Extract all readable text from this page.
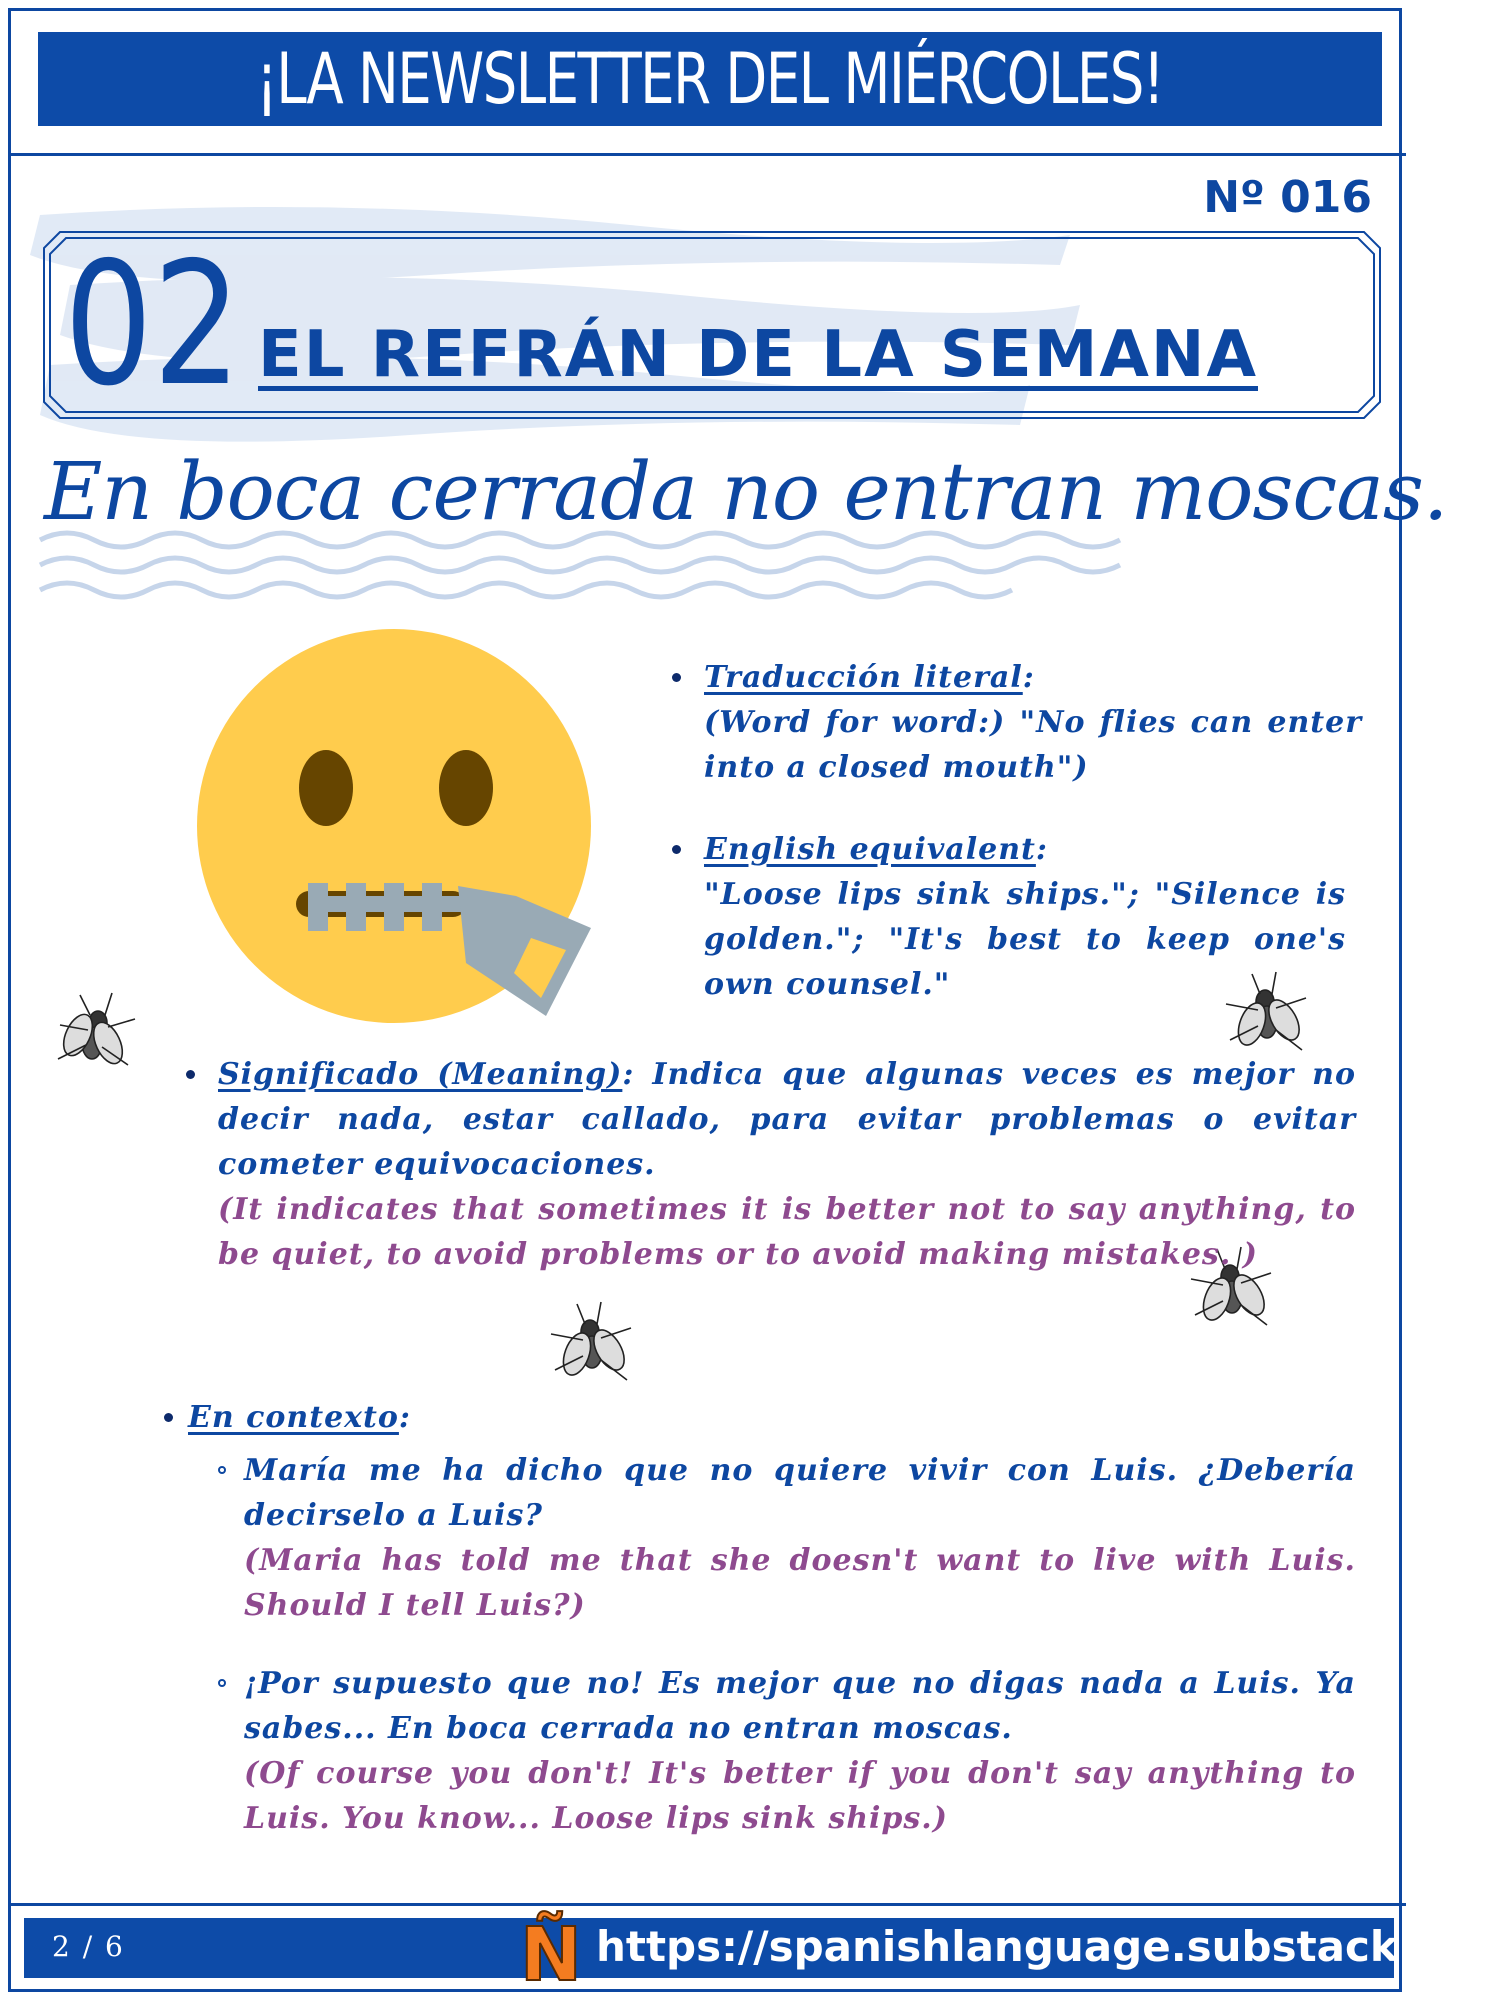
¡LA NEWSLETTER DEL MIÉRCOLES!
Nº 016
02 EL REFRÁN DE LA SEMANA
En boca cerrada no entran moscas.
Traducción literal:
(Word for word:) "No flies can enter into a closed mouth")
English equivalent:
"Loose lips sink ships."; "Silence is golden."; "It's best to keep one's own counsel."
Significado (Meaning): Indica que algunas veces es mejor no decir nada, estar callado, para evitar problemas o evitar cometer equivocaciones.
(It indicates that sometimes it is better not to say anything, to be quiet, to avoid problems or to avoid making mistakes. )
En contexto:
María me ha dicho que no quiere vivir con Luis. ¿Debería decirselo a Luis?
(Maria has told me that she doesn't want to live with Luis. Should I tell Luis?)
¡Por supuesto que no! Es mejor que no digas nada a Luis. Ya sabes... En boca cerrada no entran moscas.
(Of course you don't! It's better if you don't say anything to Luis. You know... Loose lips sink ships.)
2 / 6	Ñ https://spanishlanguage.substack.com
